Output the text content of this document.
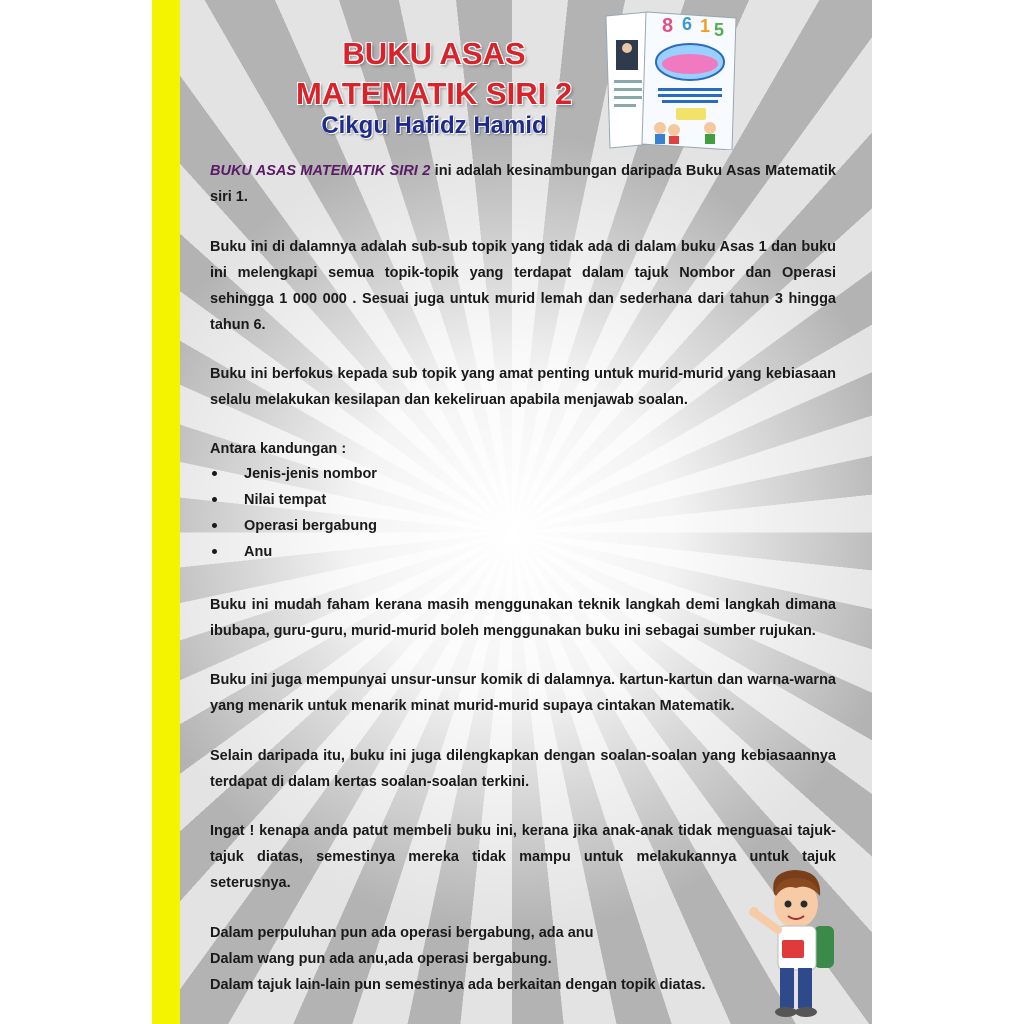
BUKU ASAS
MATEMATIK SIRI 2
Cikgu Hafidz Hamid
8 6 1 5

BUKU ASAS MATEMATIK SIRI 2 ini adalah kesinambungan daripada Buku Asas Matematik siri 1.

Buku ini di dalamnya adalah sub-sub topik yang tidak ada di dalam buku Asas 1 dan buku ini melengkapi semua topik-topik yang terdapat dalam tajuk Nombor dan Operasi sehingga 1 000 000 . Sesuai juga untuk murid lemah dan sederhana dari tahun 3 hingga tahun 6.
Buku ini berfokus kepada sub topik yang amat penting untuk murid-murid yang kebiasaan selalu melakukan kesilapan dan kekeliruan apabila menjawab soalan.
Antara kandungan :
Jenis-jenis nombor
Nilai tempat
Operasi bergabung
Anu
Buku ini mudah faham kerana masih menggunakan teknik langkah demi langkah dimana ibubapa, guru-guru, murid-murid boleh menggunakan buku ini sebagai sumber rujukan.
Buku ini juga mempunyai unsur-unsur komik di dalamnya. kartun-kartun dan warna-warna yang menarik untuk menarik minat murid-murid supaya cintakan Matematik.
Selain daripada itu, buku ini juga dilengkapkan dengan soalan-soalan yang kebiasaannya terdapat di dalam kertas soalan-soalan terkini.
Ingat ! kenapa anda patut membeli buku ini, kerana jika anak-anak tidak menguasai tajuk-tajuk diatas, semestinya mereka tidak mampu untuk melakukannya untuk tajuk seterusnya.
Dalam perpuluhan pun ada operasi bergabung, ada anu
Dalam wang pun ada anu,ada operasi bergabung.
Dalam tajuk lain-lain pun semestinya ada berkaitan dengan topik diatas.
